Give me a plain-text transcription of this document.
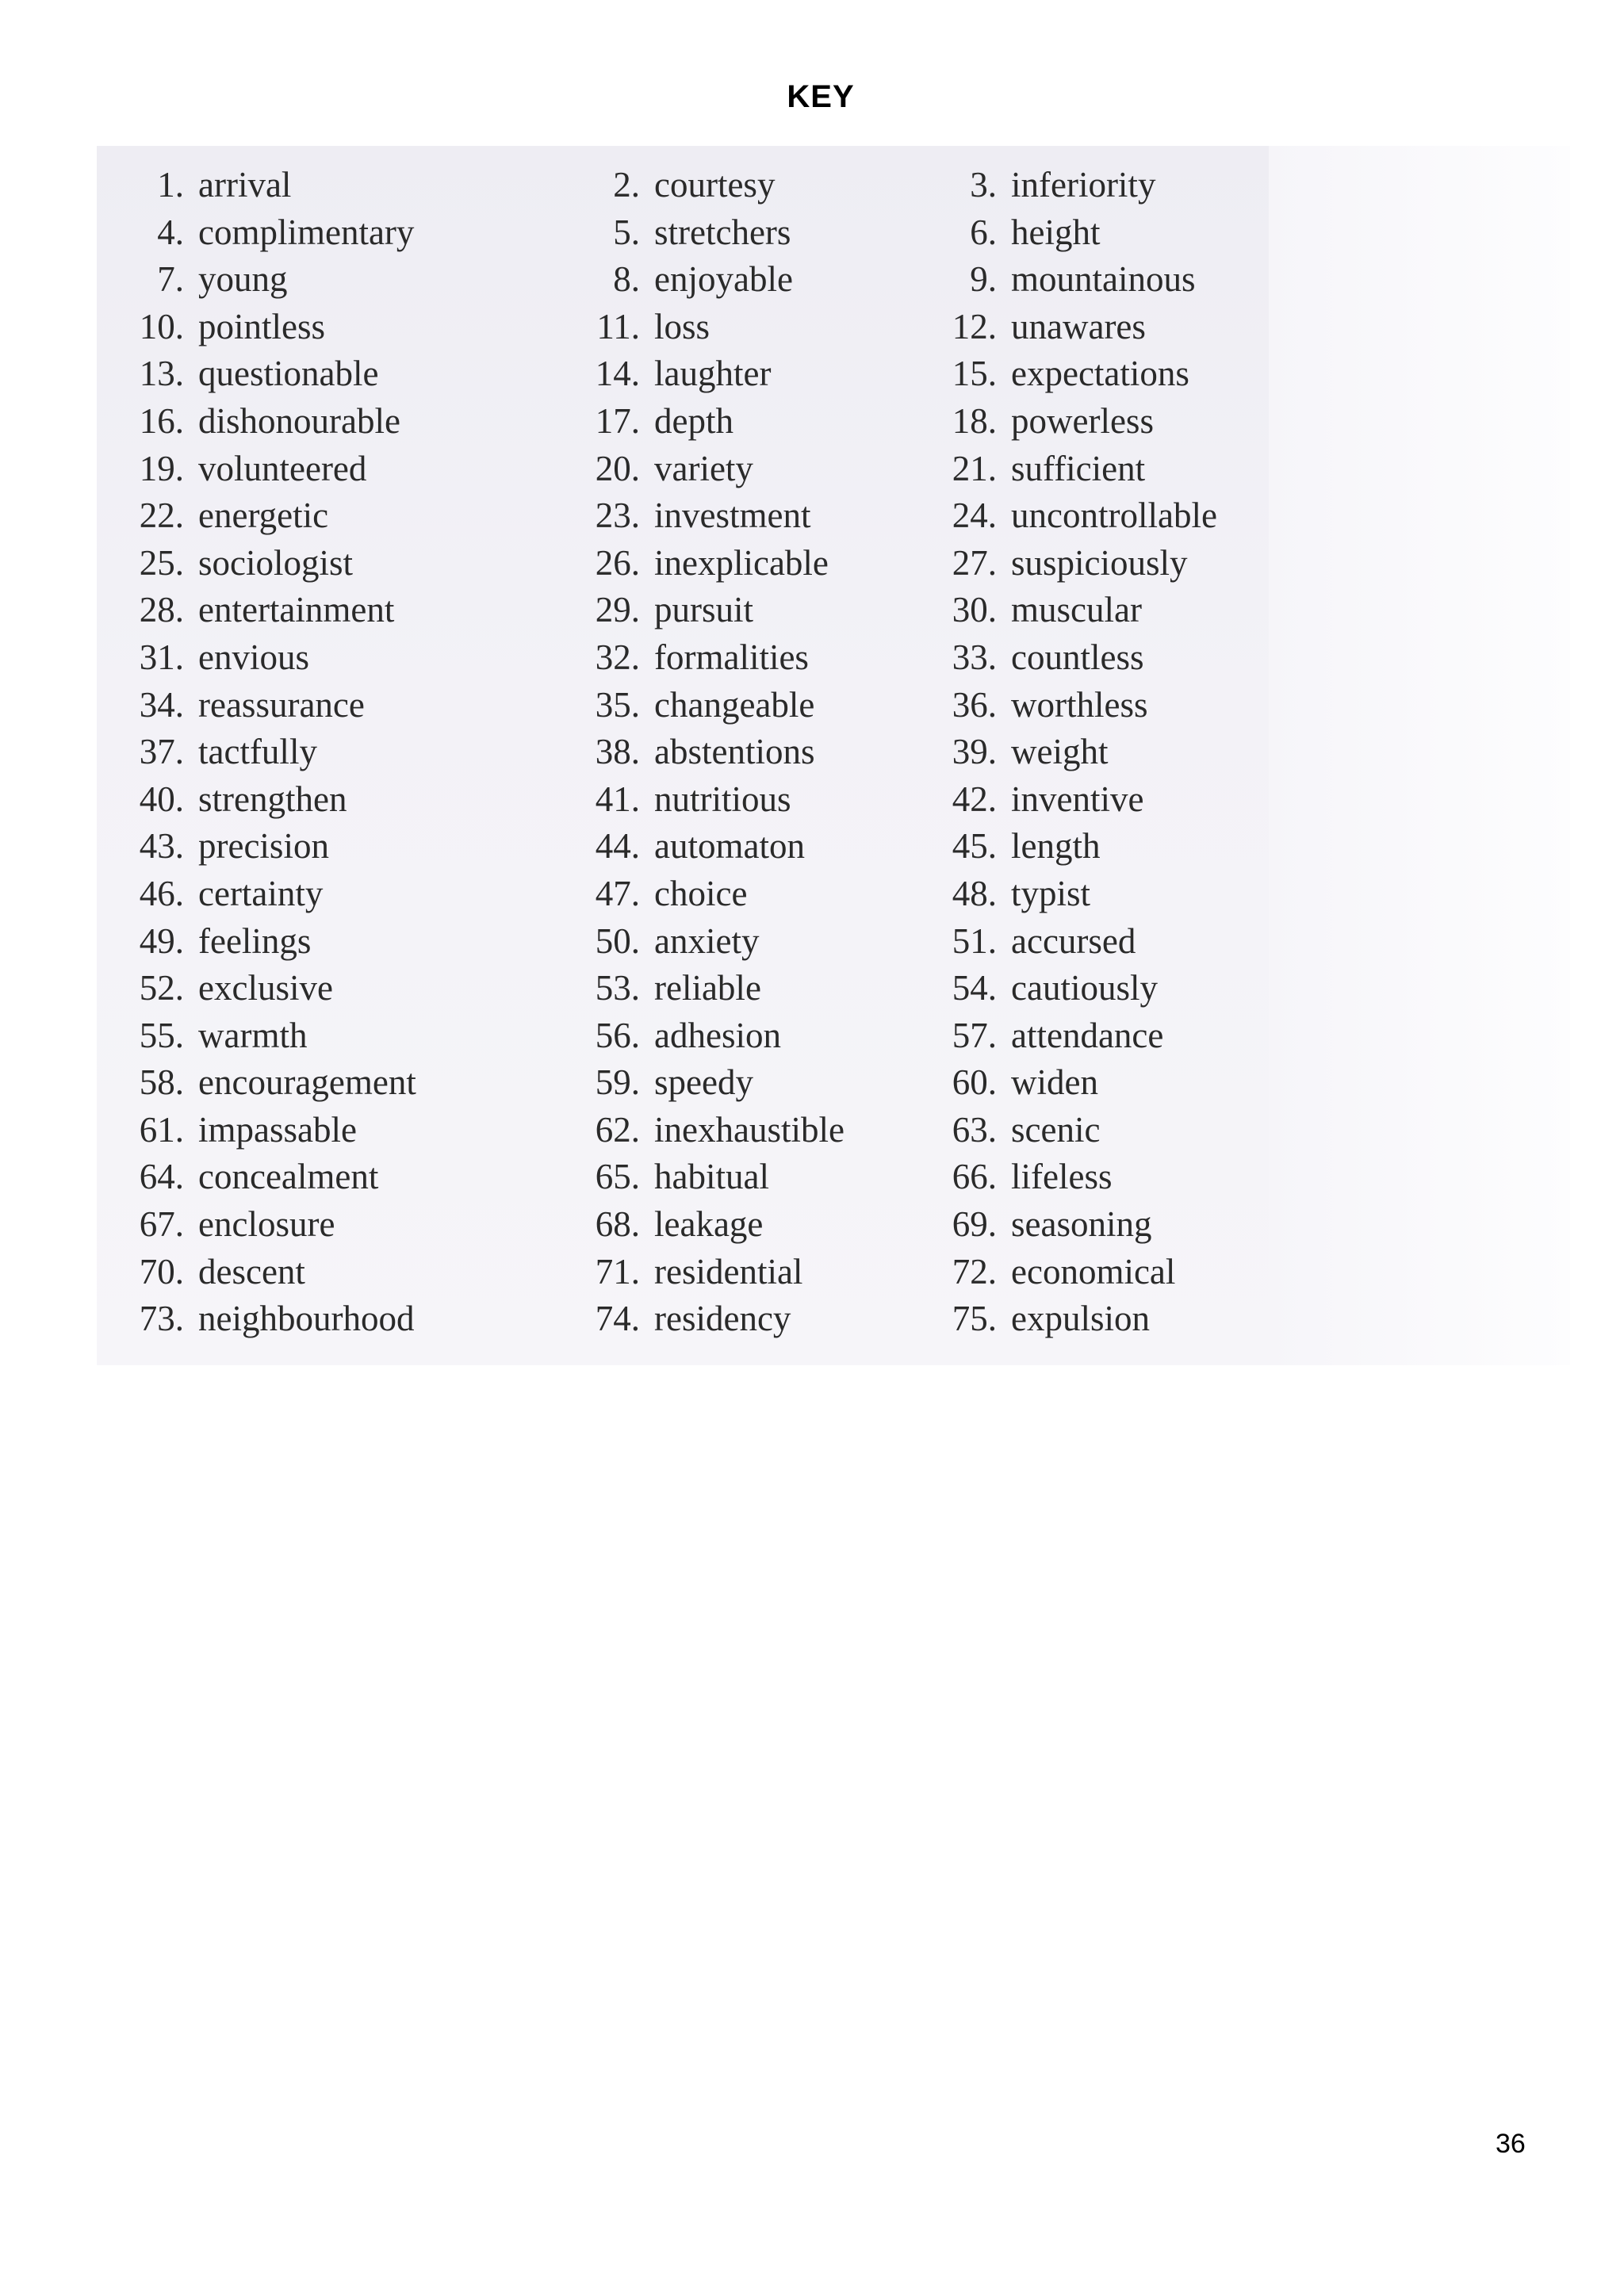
KEY
1. arrival	2. courtesy	3. inferiority
4. complimentary	5. stretchers	6. height
7. young	8. enjoyable	9. mountainous
10. pointless	11. loss	12. unawares
13. questionable	14. laughter	15. expectations
16. dishonourable	17. depth	18. powerless
19. volunteered	20. variety	21. sufficient
22. energetic	23. investment	24. uncontrollable
25. sociologist	26. inexplicable	27. suspiciously
28. entertainment	29. pursuit	30. muscular
31. envious	32. formalities	33. countless
34. reassurance	35. changeable	36. worthless
37. tactfully	38. abstentions	39. weight
40. strengthen	41. nutritious	42. inventive
43. precision	44. automaton	45. length
46. certainty	47. choice	48. typist
49. feelings	50. anxiety	51. accursed
52. exclusive	53. reliable	54. cautiously
55. warmth	56. adhesion	57. attendance
58. encouragement	59. speedy	60. widen
61. impassable	62. inexhaustible	63. scenic
64. concealment	65. habitual	66. lifeless
67. enclosure	68. leakage	69. seasoning
70. descent	71. residential	72. economical
73. neighbourhood	74. residency	75. expulsion
36
